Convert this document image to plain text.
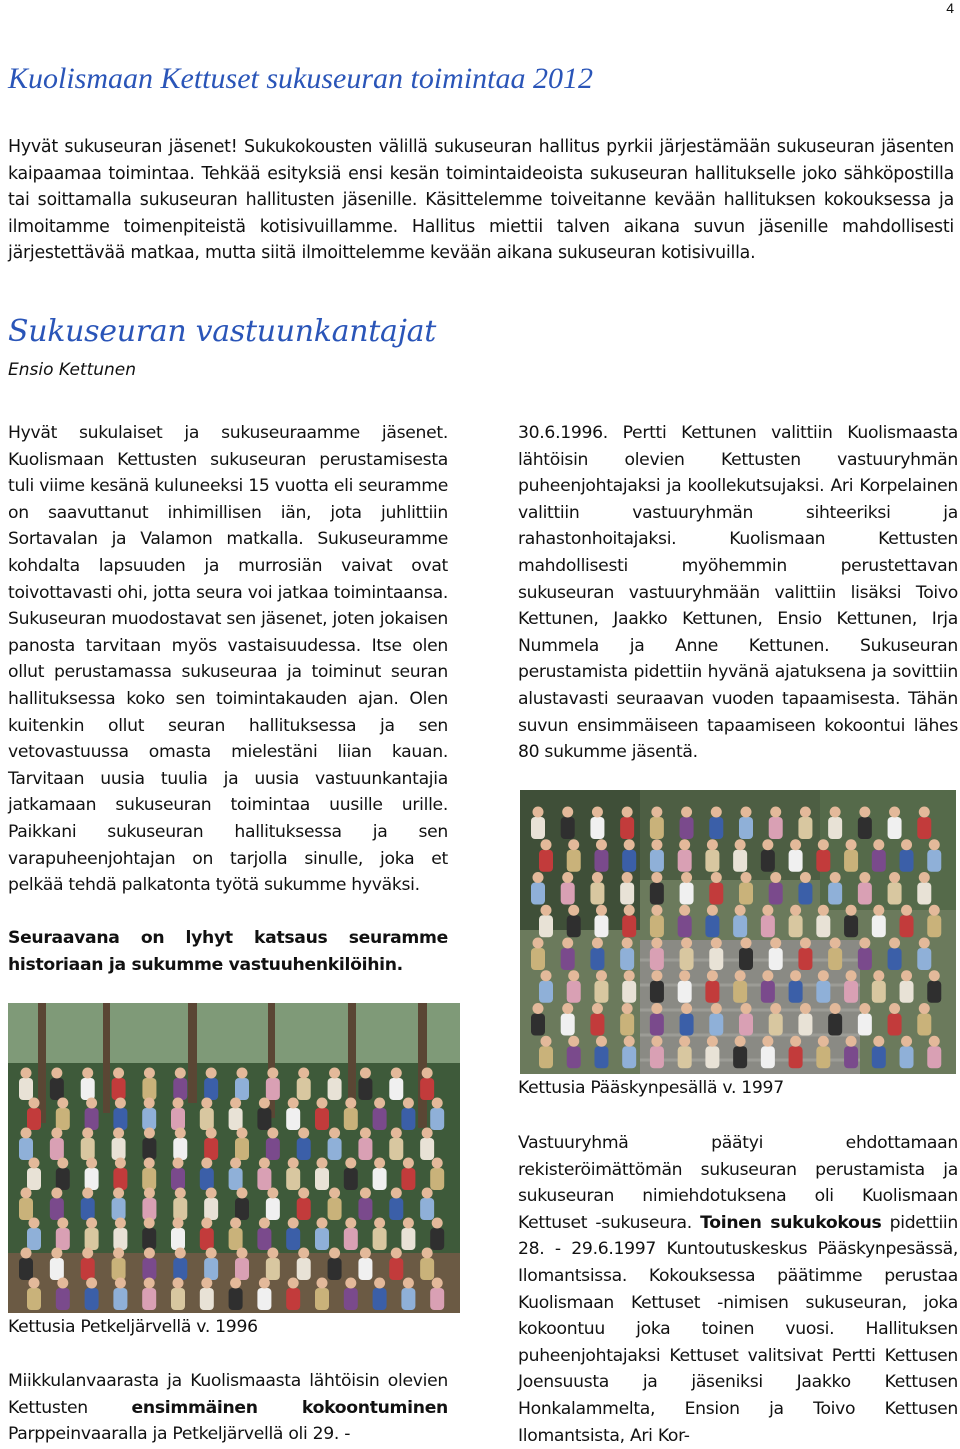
4
Kuolismaan Kettuset sukuseuran toimintaa 2012
Hyvät sukuseuran jäsenet! Sukukokousten välillä sukuseuran hallitus pyrkii järjestämään sukuseuran jäsenten kaipaamaa toimintaa. Tehkää esityksiä ensi kesän toimintaideoista sukuseuran hallitukselle joko sähköpostilla tai soittamalla sukuseuran hallitusten jäsenille. Käsittelemme toiveitanne kevään hallituksen kokouksessa ja ilmoitamme toimenpiteistä kotisivuillamme. Hallitus miettii talven aikana suvun jäsenille mahdollisesti järjestettävää matkaa, mutta siitä ilmoittelemme kevään aikana sukuseuran kotisivuilla.
Sukuseuran vastuunkantajat
Ensio Kettunen

Hyvät sukulaiset ja sukuseuraamme jäsenet. Kuolismaan Kettusten sukuseuran perustamisesta tuli viime kesänä kuluneeksi 15 vuotta eli seuramme on saavuttanut inhimillisen iän, jota juhlittiin Sortavalan ja Valamon matkalla. Sukuseuramme kohdalta lapsuuden ja murrosiän vaivat ovat toivottavasti ohi, jotta seura voi jatkaa toimintaansa. Sukuseuran muodostavat sen jäsenet, joten jokaisen panosta tarvitaan myös vastaisuudessa. Itse olen ollut perustamassa sukuseuraa ja toiminut seuran hallituksessa koko sen toimintakauden ajan. Olen kuitenkin ollut seuran hallituksessa ja sen vetovastuussa omasta mielestäni liian kauan. Tarvitaan uusia tuulia ja uusia vastuunkantajia jatkamaan sukuseuran toimintaa uusille urille. Paikkani sukuseuran hallituksessa ja sen varapuheenjohtajan on tarjolla sinulle, joka et pelkää tehdä palkatonta työtä sukumme hyväksi.

Seuraavana on lyhyt katsaus seuramme historiaan ja sukumme vastuuhenkilöihin.

30.6.1996. Pertti Kettunen valittiin Kuolismaasta lähtöisin olevien Kettusten vastuuryhmän puheenjohtajaksi ja koollekutsujaksi. Ari Korpelainen valittiin vastuuryhmän sihteeriksi ja rahastonhoitajaksi. Kuolismaan Kettusten mahdollisesti myöhemmin perustettavan sukuseuran vastuuryhmään valittiin lisäksi Toivo Kettunen, Jaakko Kettunen, Ensio Kettunen, Irja Nummela ja Anne Kettunen. Sukuseuran perustamista pidettiin hyvänä ajatuksena ja sovittiin alustavasti seuraavan vuoden tapaamisesta. Tähän suvun ensimmäiseen tapaamiseen kokoontui lähes 80 sukumme jäsentä.

Kettusia Pääskynpesällä v. 1997

Vastuuryhmä päätyi ehdottamaan rekisteröimättömän sukuseuran perustamista ja sukuseuran nimiehdotuksena oli Kuolismaan Kettuset -sukuseura. Toinen sukukokous pidettiin 28. - 29.6.1997 Kuntoutuskeskus Pääskynpesässä, Ilomantsissa. Kokouksessa päätimme perustaa Kuolismaan Kettuset -nimisen sukuseuran, joka kokoontuu joka toinen vuosi. Hallituksen puheenjohtajaksi Kettuset valitsivat Pertti Kettusen Joensuusta ja jäseniksi Jaakko Kettusen Honkalammelta, Ension ja Toivo Kettusen Ilomantsista, Ari Kor-

Kettusia Petkeljärvellä v. 1996

Miikkulanvaarasta ja Kuolismaasta lähtöisin olevien Kettusten ensimmäinen kokoontuminen Parppeinvaaralla ja Petkeljärvellä oli 29. -
